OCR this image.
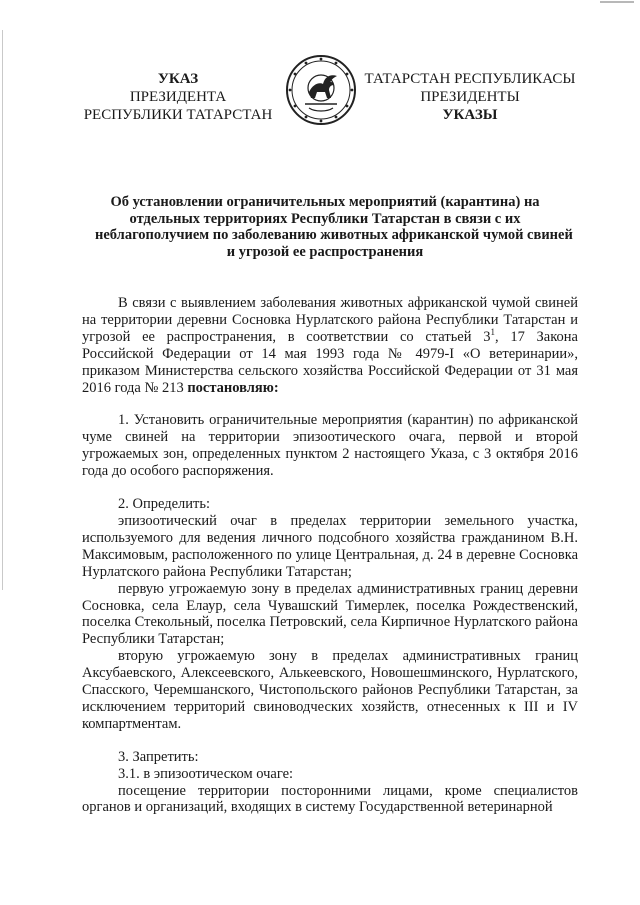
УКАЗ
ПРЕЗИДЕНТА
РЕСПУБЛИКИ ТАТАРСТАН
ТАТАРСТАН РЕСПУБЛИКАСЫ
ПРЕЗИДЕНТЫ
УКАЗЫ
Об установлении ограничительных мероприятий (карантина) на
отдельных территориях Республики Татарстан в связи с их
неблагополучием по заболеванию животных африканской чумой свиней
и угрозой ее распространения

В связи с выявлением заболевания животных африканской чумой свиней на территории деревни Сосновка Нурлатского района Республики Татарстан и угрозой ее распространения, в соответствии со статьей $3^1$, 17 Закона Российской Федерации от 14 мая 1993 года № 4979-I «О ветеринарии», приказом Министерства сельского хозяйства Российской Федерации от 31 мая 2016 года № 213 постановляю:

1. Установить ограничительные мероприятия (карантин) по африканской чуме свиней на территории эпизоотического очага, первой и второй угрожаемых зон, определенных пунктом 2 настоящего Указа, с 3 октября 2016 года до особого распоряжения.

2. Определить:

эпизоотический очаг в пределах территории земельного участка, используемого для ведения личного подсобного хозяйства гражданином В.Н. Максимовым, расположенного по улице Центральная, д. 24 в деревне Сосновка Нурлатского района Республики Татарстан;

первую угрожаемую зону в пределах административных границ деревни Сосновка, села Елаур, села Чувашский Тимерлек, поселка Рождественский, поселка Стекольный, поселка Петровский, села Кирпичное Нурлатского района Республики Татарстан;

вторую угрожаемую зону в пределах административных границ Аксубаевского, Алексеевского, Алькеевского, Новошешминского, Нурлатского, Спасского, Черемшанского, Чистопольского районов Республики Татарстан, за исключением территорий свиноводческих хозяйств, отнесенных к III и IV компартментам.

3. Запретить:

3.1. в эпизоотическом очаге:

посещение территории посторонними лицами, кроме специалистов органов и организаций, входящих в систему Государственной ветеринарной
